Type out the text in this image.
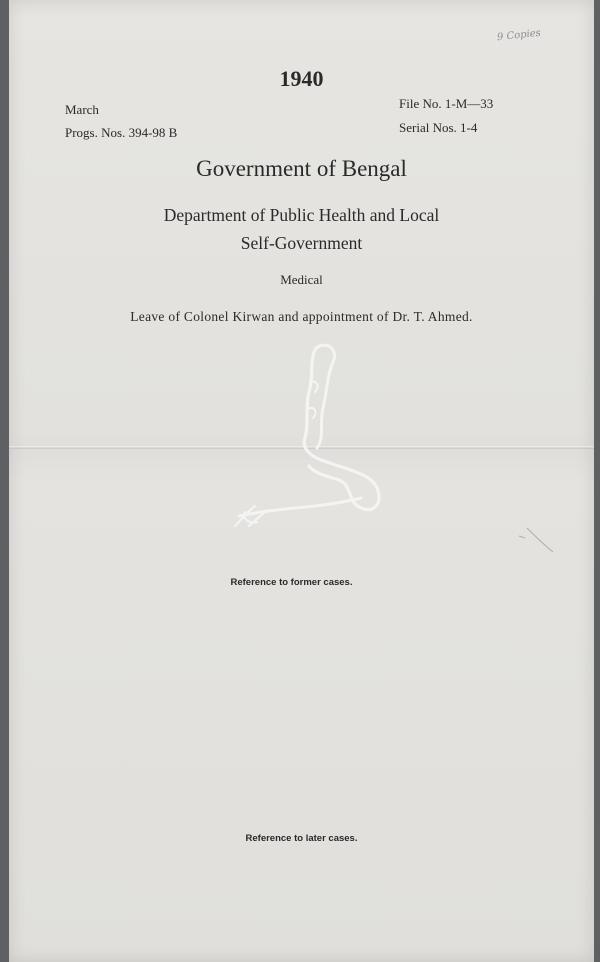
9 Copies
1940
March
Progs. Nos. 394-98 B
File No. 1-M—33
Serial Nos. 1-4
Government of Bengal
Department of Public Health and Local
Self-Government
Medical
Leave of Colonel Kirwan and appointment of Dr. T. Ahmed.
Reference to former cases.
Reference to later cases.
